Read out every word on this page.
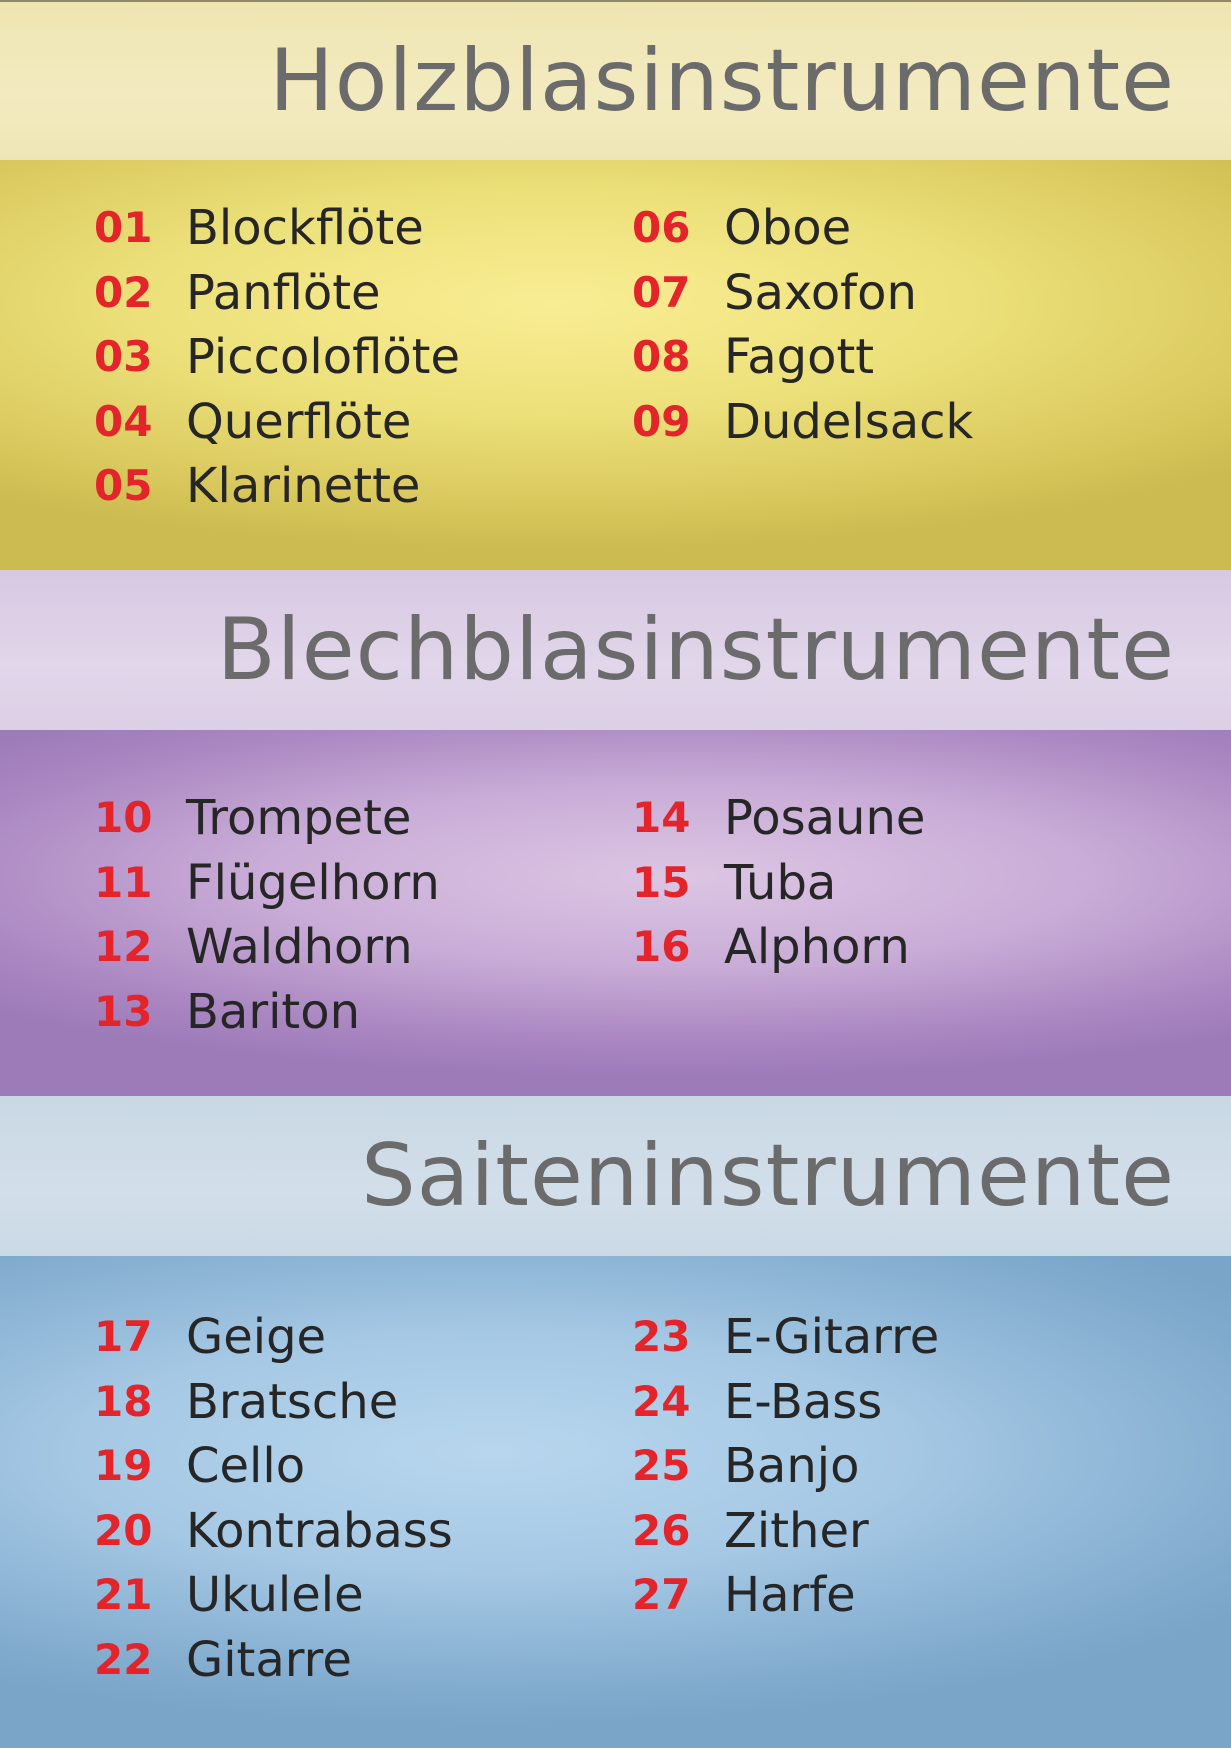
Holzblasinstrumente
01 Blockflöte
02 Panflöte
03 Piccoloflöte
04 Querflöte
05 Klarinette
06 Oboe
07 Saxofon
08 Fagott
09 Dudelsack
Blechblasinstrumente
10 Trompete
11 Flügelhorn
12 Waldhorn
13 Bariton
14 Posaune
15 Tuba
16 Alphorn
Saiteninstrumente
17 Geige
18 Bratsche
19 Cello
20 Kontrabass
21 Ukulele
22 Gitarre
23 E-Gitarre
24 E-Bass
25 Banjo
26 Zither
27 Harfe
